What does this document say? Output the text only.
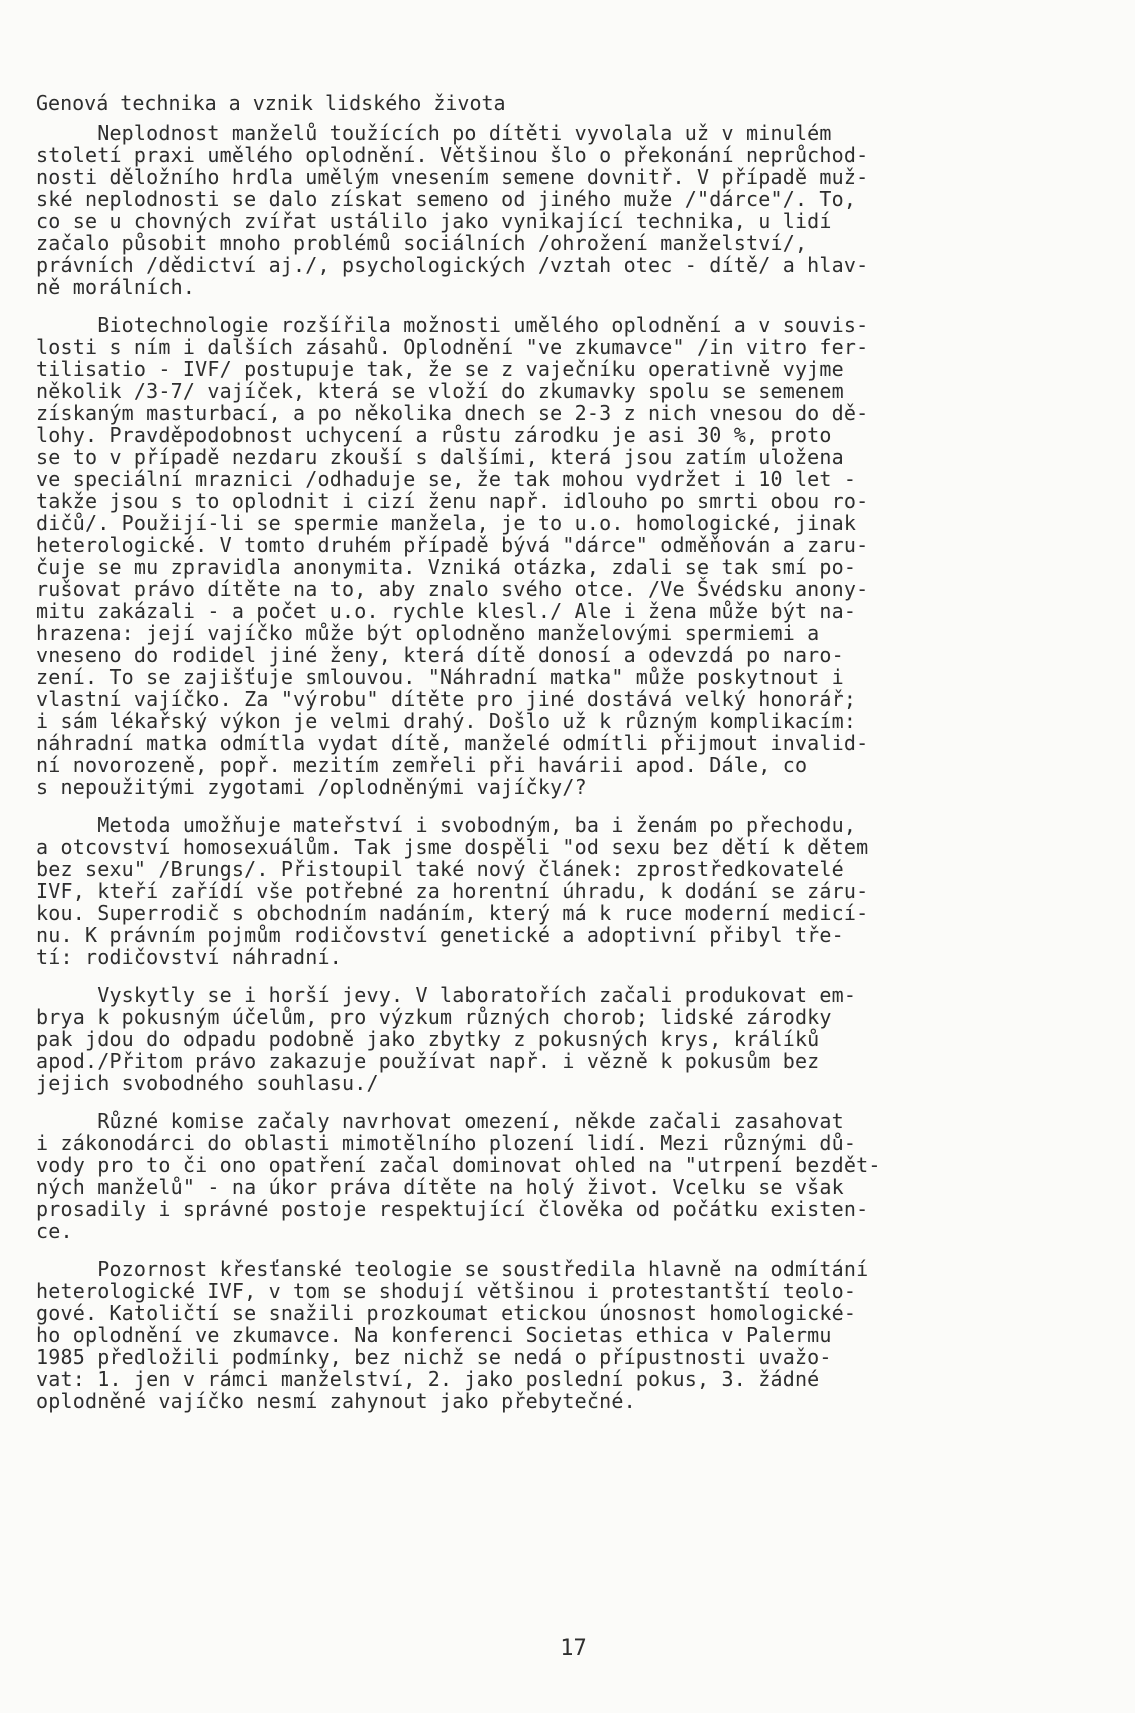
Genová technika a vznik lidského života
Neplodnost manželů toužících po dítěti vyvolala už v minulém
století praxi umělého oplodnění. Většinou šlo o překonání neprůchod-
nosti děložního hrdla umělým vnesením semene dovnitř. V případě muž-
ské neplodnosti se dalo získat semeno od jiného muže /"dárce"/. To,
co se u chovných zvířat ustálilo jako vynikající technika, u lidí
začalo působit mnoho problémů sociálních /ohrožení manželství/,
právních /dědictví aj./, psychologických /vztah otec - dítě/ a hlav-
ně morálních.
Biotechnologie rozšířila možnosti umělého oplodnění a v souvis-
losti s ním i dalších zásahů. Oplodnění "ve zkumavce" /in vitro fer-
tilisatio - IVF/ postupuje tak, že se z vaječníku operativně vyjme
několik /3-7/ vajíček, která se vloží do zkumavky spolu se semenem
získaným masturbací, a po několika dnech se 2-3 z nich vnesou do dě-
lohy. Pravděpodobnost uchycení a růstu zárodku je asi 30 %, proto
se to v případě nezdaru zkouší s dalšími, která jsou zatím uložena
ve speciální mraznici /odhaduje se, že tak mohou vydržet i 10 let -
takže jsou s to oplodnit i cizí ženu např. idlouho po smrti obou ro-
dičů/. Použijí-li se spermie manžela, je to u.o. homologické, jinak
heterologické. V tomto druhém případě bývá "dárce" odměňován a zaru-
čuje se mu zpravidla anonymita. Vzniká otázka, zdali se tak smí po-
rušovat právo dítěte na to, aby znalo svého otce. /Ve Švédsku anony-
mitu zakázali - a počet u.o. rychle klesl./ Ale i žena může být na-
hrazena: její vajíčko může být oplodněno manželovými spermiemi a
vneseno do rodidel jiné ženy, která dítě donosí a odevzdá po naro-
zení. To se zajišťuje smlouvou. "Náhradní matka" může poskytnout i
vlastní vajíčko. Za "výrobu" dítěte pro jiné dostává velký honorář;
i sám lékařský výkon je velmi drahý. Došlo už k různým komplikacím:
náhradní matka odmítla vydat dítě, manželé odmítli přijmout invalid-
ní novorozeně, popř. mezitím zemřeli při havárii apod. Dále, co
s nepoužitými zygotami /oplodněnými vajíčky/?
Metoda umožňuje mateřství i svobodným, ba i ženám po přechodu,
a otcovství homosexuálům. Tak jsme dospěli "od sexu bez dětí k dětem
bez sexu" /Brungs/. Přistoupil také nový článek: zprostředkovatelé
IVF, kteří zařídí vše potřebné za horentní úhradu, k dodání se záru-
kou. Superrodič s obchodním nadáním, který má k ruce moderní medicí-
nu. K právním pojmům rodičovství genetické a adoptivní přibyl tře-
tí: rodičovství náhradní.
Vyskytly se i horší jevy. V laboratořích začali produkovat em-
brya k pokusným účelům, pro výzkum různých chorob; lidské zárodky
pak jdou do odpadu podobně jako zbytky z pokusných krys, králíků
apod./Přitom právo zakazuje používat např. i vězně k pokusům bez
jejich svobodného souhlasu./
Různé komise začaly navrhovat omezení, někde začali zasahovat
i zákonodárci do oblasti mimotělního plození lidí. Mezi různými dů-
vody pro to či ono opatření začal dominovat ohled na "utrpení bezdět-
ných manželů" - na úkor práva dítěte na holý život. Vcelku se však
prosadily i správné postoje respektující člověka od počátku existen-
ce.
Pozornost křesťanské teologie se soustředila hlavně na odmítání
heterologické IVF, v tom se shodují většinou i protestantští teolo-
gové. Katoličtí se snažili prozkoumat etickou únosnost homologické-
ho oplodnění ve zkumavce. Na konferenci Societas ethica v Palermu
1985 předložili podmínky, bez nichž se nedá o přípustnosti uvažo-
vat: 1. jen v rámci manželství, 2. jako poslední pokus, 3. žádné
oplodněné vajíčko nesmí zahynout jako přebytečné.
17
